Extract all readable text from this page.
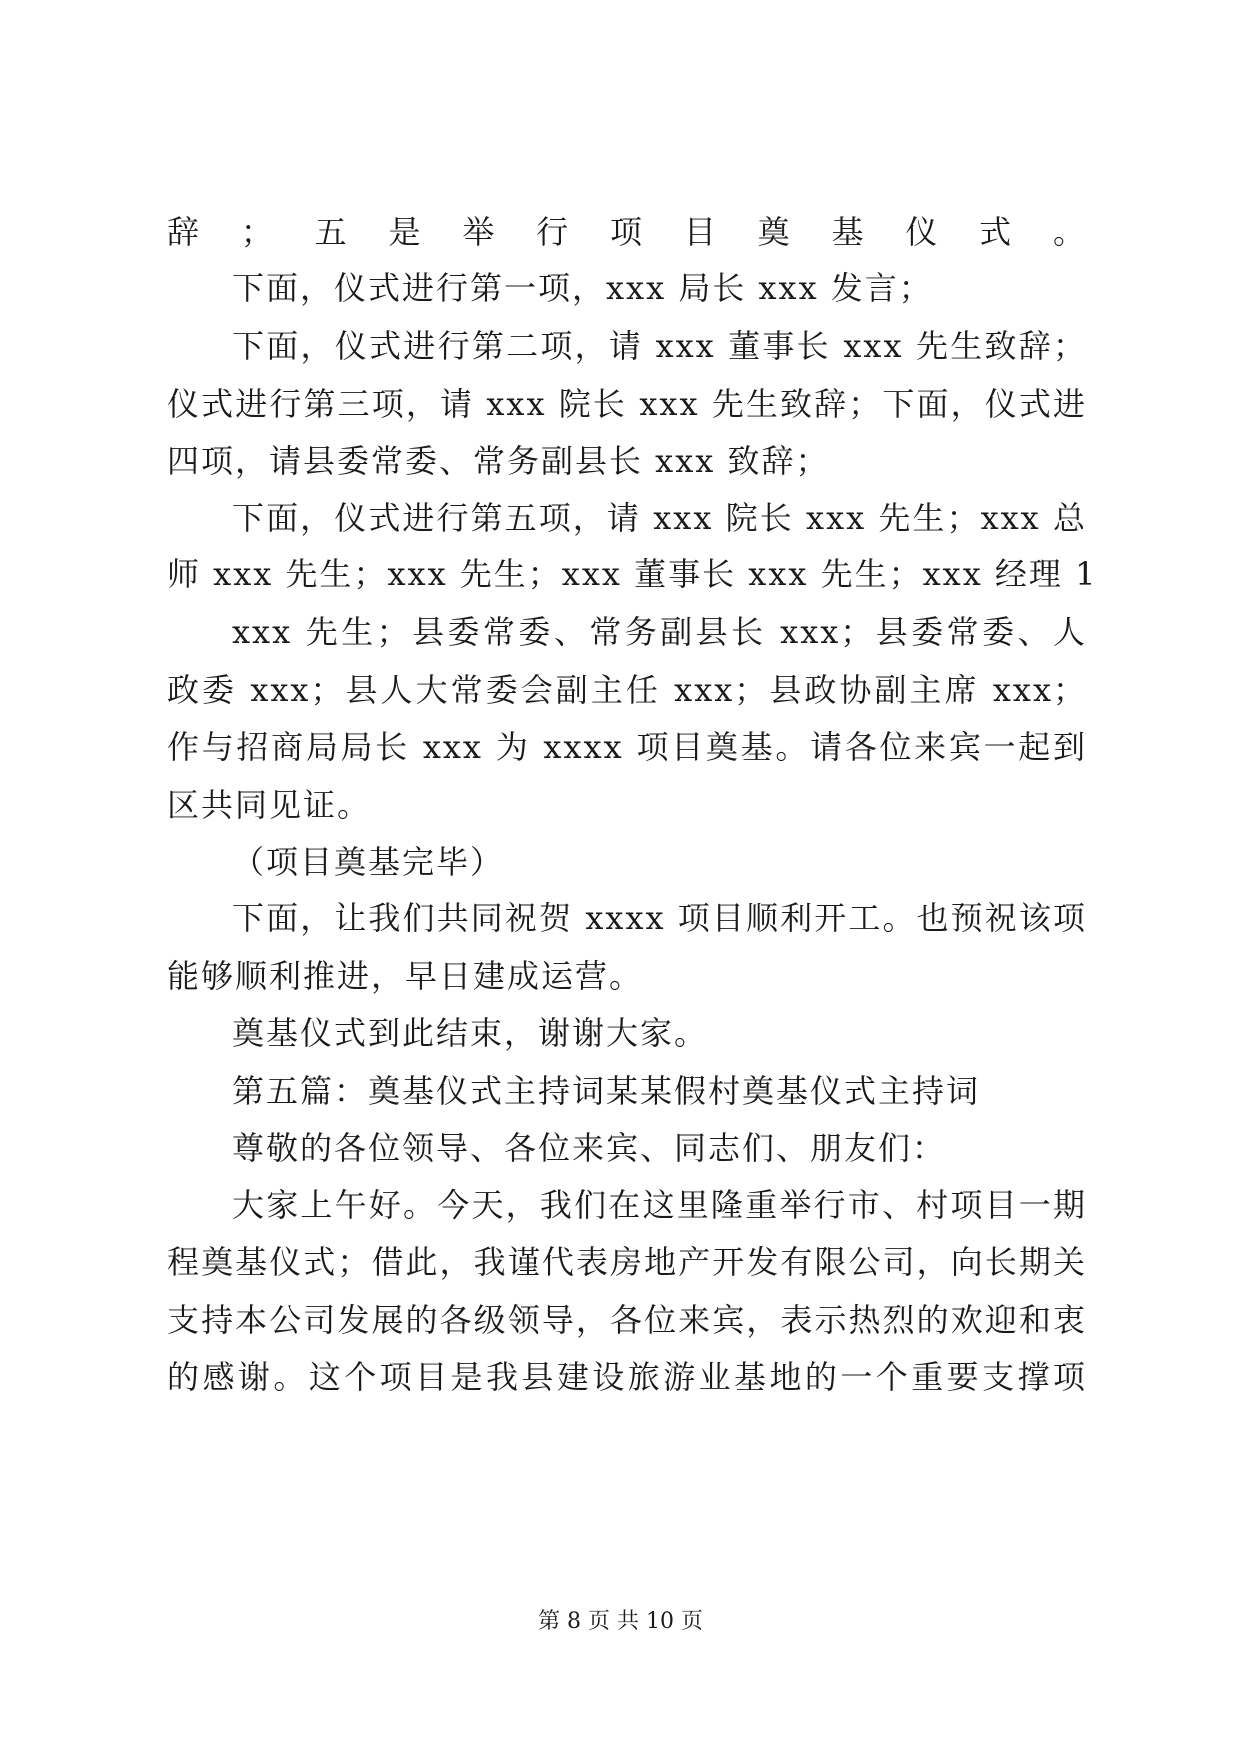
辞；五是举行项目奠基仪式。
下面，仪式进行第一项，xxx 局长 xxx 发言；
下面，仪式进行第二项，请 xxx 董事长 xxx 先生致辞；
仪式进行第三项，请 xxx 院长 xxx 先生致辞；下面，仪式进
四项，请县委常委、常务副县长 xxx 致辞；
下面，仪式进行第五项，请 xxx 院长 xxx 先生；xxx 总
师 xxx 先生；xxx 先生；xxx 董事长 xxx 先生；xxx 经理 1
xxx 先生；县委常委、常务副县长 xxx；县委常委、人
政委 xxx；县人大常委会副主任 xxx；县政协副主席 xxx；
作与招商局局长 xxx 为 xxxx 项目奠基。请各位来宾一起到
区共同见证。
（项目奠基完毕）
下面，让我们共同祝贺 xxxx 项目顺利开工。也预祝该项
能够顺利推进，早日建成运营。
奠基仪式到此结束，谢谢大家。
第五篇：奠基仪式主持词某某假村奠基仪式主持词
尊敬的各位领导、各位来宾、同志们、朋友们：
大家上午好。今天，我们在这里隆重举行市、村项目一期
程奠基仪式；借此，我谨代表房地产开发有限公司，向长期关
支持本公司发展的各级领导，各位来宾，表示热烈的欢迎和衷
的感谢。这个项目是我县建设旅游业基地的一个重要支撑项
第 8 页 共 10 页
